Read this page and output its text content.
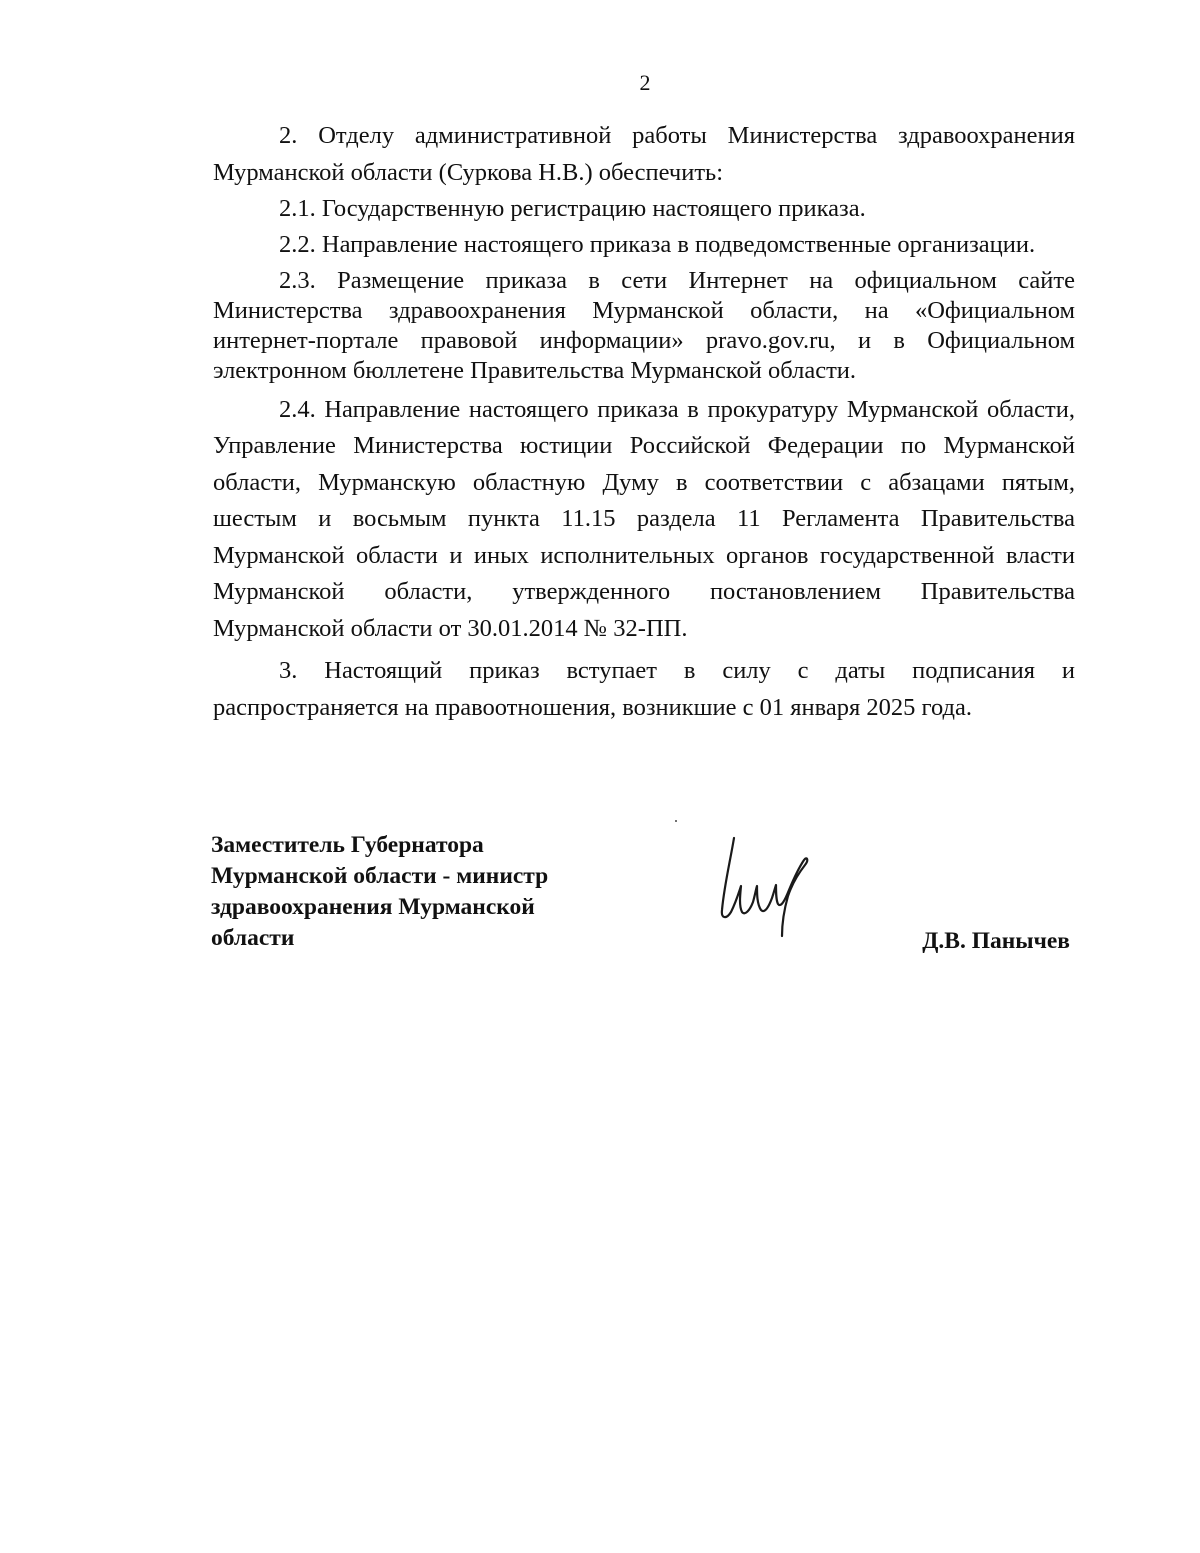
2

2. Отделу административной работы Министерства здравоохранения Мурманской области (Суркова Н.В.) обеспечить:

2.1. Государственную регистрацию настоящего приказа.

2.2. Направление настоящего приказа в подведомственные организации.

2.3. Размещение приказа в сети Интернет на официальном сайте Министерства здравоохранения Мурманской области, на «Официальном интернет-портале правовой информации» pravo.gov.ru, и в Официальном электронном бюллетене Правительства Мурманской области.

2.4. Направление настоящего приказа в прокуратуру Мурманской области, Управление Министерства юстиции Российской Федерации по Мурманской области, Мурманскую областную Думу в соответствии с абзацами пятым, шестым и восьмым пункта 11.15 раздела 11 Регламента Правительства Мурманской области и иных исполнительных органов государственной власти Мурманской области, утвержденного постановлением Правительства Мурманской области от 30.01.2014 № 32-ПП.

3. Настоящий приказ вступает в силу с даты подписания и распространяется на правоотношения, возникшие с 01 января 2025 года.

Заместитель Губернатора
Мурманской области - министр
здравоохранения Мурманской
области	Д.В. Панычев
